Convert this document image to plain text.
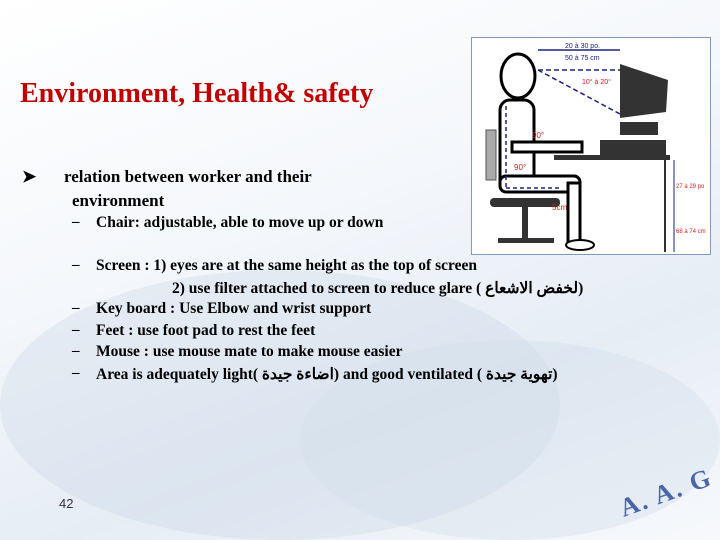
Environment, Health& safety
➤ relation between worker and their
environment
– Chair: adjustable, able to move up or down
– Screen : 1) eyes are at the same height as the top of screen
2) use filter attached to screen to reduce glare ( لخفض الاشعاع)
– Key board : Use Elbow and wrist support
– Feet : use foot pad to rest the feet
– Mouse : use mouse mate to make mouse easier
– Area is adequately light( اضاءة جيدة) and good ventilated ( تهوية جيدة)
20 à 30 po.
50 à 75 cm
10° à 20°
90°
90°
5cm
27 à 29 po
68 à 74 cm
42	A. A. G
